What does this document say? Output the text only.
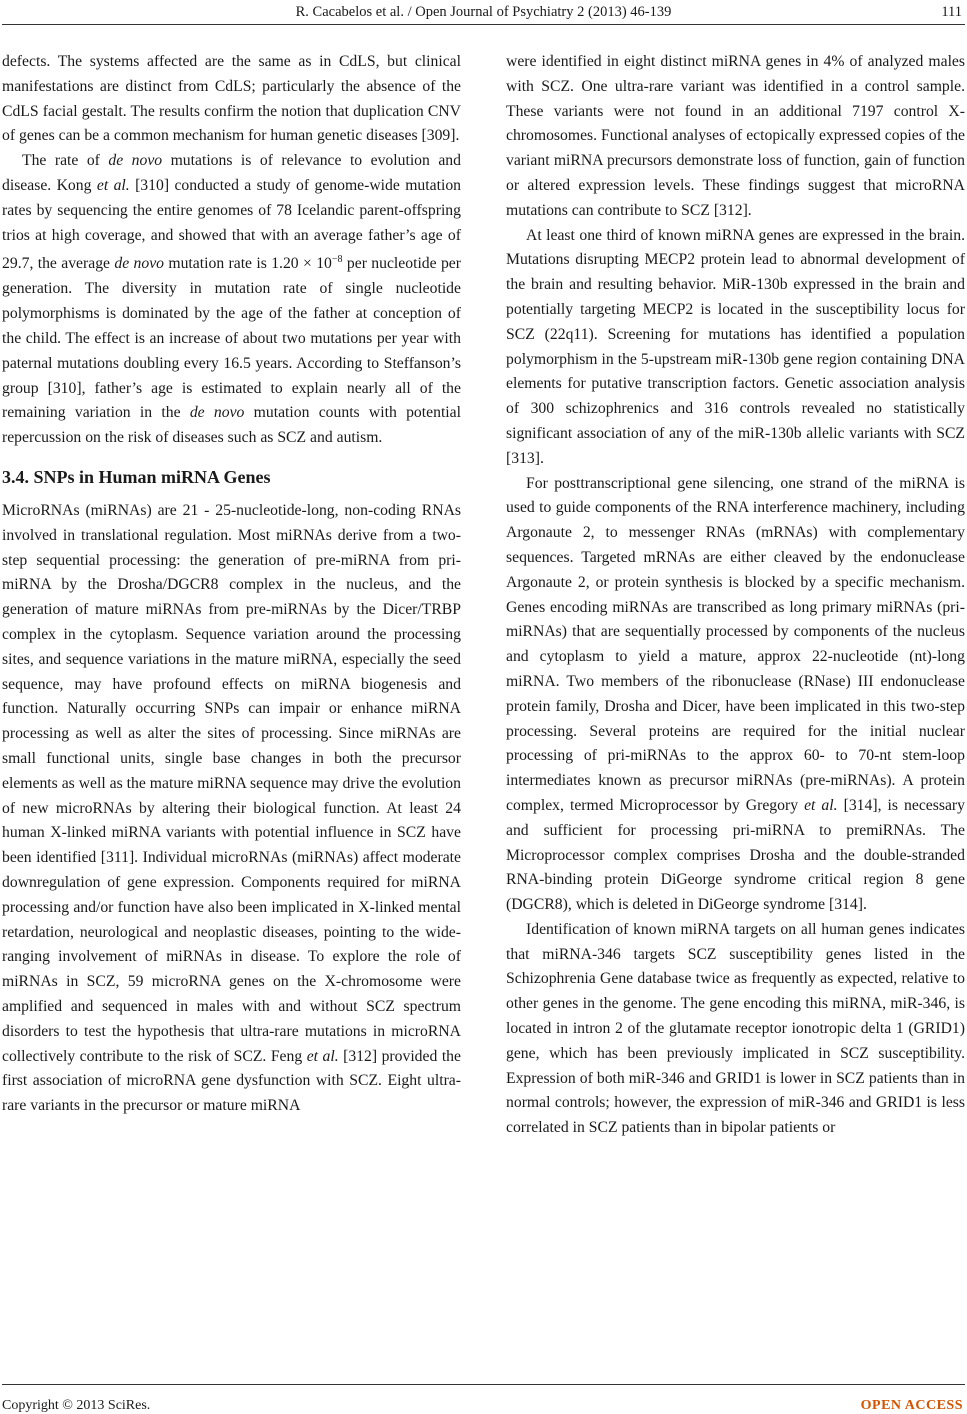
R. Cacabelos et al. / Open Journal of Psychiatry 2 (2013) 46-139	111

defects. The systems affected are the same as in CdLS, but clinical manifestations are distinct from CdLS; particularly the absence of the CdLS facial gestalt. The results confirm the notion that duplication CNV of genes can be a common mechanism for human genetic diseases [309].

The rate of de novo mutations is of relevance to evolution and disease. Kong et al. [310] conducted a study of genome-wide mutation rates by sequencing the entire genomes of 78 Icelandic parent-offspring trios at high coverage, and showed that with an average father’s age of 29.7, the average de novo mutation rate is $1.20 \times 10^{-8}$ per nucleotide per generation. The diversity in mutation rate of single nucleotide polymorphisms is dominated by the age of the father at conception of the child. The effect is an increase of about two mutations per year with paternal mutations doubling every 16.5 years. According to Steffanson’s group [310], father’s age is estimated to explain nearly all of the remaining variation in the de novo mutation counts with potential repercussion on the risk of diseases such as SCZ and autism.

3.4. SNPs in Human miRNA Genes

MicroRNAs (miRNAs) are 21 - 25-nucleotide-long, non-coding RNAs involved in translational regulation. Most miRNAs derive from a two-step sequential processing: the generation of pre-miRNA from pri-miRNA by the Drosha/DGCR8 complex in the nucleus, and the generation of mature miRNAs from pre-miRNAs by the Dicer/TRBP complex in the cytoplasm. Sequence variation around the processing sites, and sequence variations in the mature miRNA, especially the seed sequence, may have profound effects on miRNA biogenesis and function. Naturally occurring SNPs can impair or enhance miRNA processing as well as alter the sites of processing. Since miRNAs are small functional units, single base changes in both the precursor elements as well as the mature miRNA sequence may drive the evolution of new microRNAs by altering their biological function. At least 24 human X-linked miRNA variants with potential influence in SCZ have been identified [311]. Individual microRNAs (miRNAs) affect moderate downregulation of gene expression. Components required for miRNA processing and/or function have also been implicated in X-linked mental retardation, neurological and neoplastic diseases, pointing to the wide-ranging involvement of miRNAs in disease. To explore the role of miRNAs in SCZ, 59 microRNA genes on the X-chromosome were amplified and sequenced in males with and without SCZ spectrum disorders to test the hypothesis that ultra-rare mutations in microRNA collectively contribute to the risk of SCZ. Feng et al. [312] provided the first association of microRNA gene dysfunction with SCZ. Eight ultra-rare variants in the precursor or mature miRNA

were identified in eight distinct miRNA genes in 4% of analyzed males with SCZ. One ultra-rare variant was identified in a control sample. These variants were not found in an additional 7197 control X-chromosomes. Functional analyses of ectopically expressed copies of the variant miRNA precursors demonstrate loss of function, gain of function or altered expression levels. These findings suggest that microRNA mutations can contribute to SCZ [312].

At least one third of known miRNA genes are expressed in the brain. Mutations disrupting MECP2 protein lead to abnormal development of the brain and resulting behavior. MiR-130b expressed in the brain and potentially targeting MECP2 is located in the susceptibility locus for SCZ (22q11). Screening for mutations has identified a population polymorphism in the 5-upstream miR-130b gene region containing DNA elements for putative transcription factors. Genetic association analysis of 300 schizophrenics and 316 controls revealed no statistically significant association of any of the miR-130b allelic variants with SCZ [313].

For posttranscriptional gene silencing, one strand of the miRNA is used to guide components of the RNA interference machinery, including Argonaute 2, to messenger RNAs (mRNAs) with complementary sequences. Targeted mRNAs are either cleaved by the endonuclease Argonaute 2, or protein synthesis is blocked by a specific mechanism. Genes encoding miRNAs are transcribed as long primary miRNAs (pri-miRNAs) that are sequentially processed by components of the nucleus and cytoplasm to yield a mature, approx 22-nucleotide (nt)-long miRNA. Two members of the ribonuclease (RNase) III endonuclease protein family, Drosha and Dicer, have been implicated in this two-step processing. Several proteins are required for the initial nuclear processing of pri-miRNAs to the approx 60- to 70-nt stem-loop intermediates known as precursor miRNAs (pre-miRNAs). A protein complex, termed Microprocessor by Gregory et al. [314], is necessary and sufficient for processing pri-miRNA to premiRNAs. The Microprocessor complex comprises Drosha and the double-stranded RNA-binding protein DiGeorge syndrome critical region 8 gene (DGCR8), which is deleted in DiGeorge syndrome [314].

Identification of known miRNA targets on all human genes indicates that miRNA-346 targets SCZ susceptibility genes listed in the Schizophrenia Gene database twice as frequently as expected, relative to other genes in the genome. The gene encoding this miRNA, miR-346, is located in intron 2 of the glutamate receptor ionotropic delta 1 (GRID1) gene, which has been previously implicated in SCZ susceptibility. Expression of both miR-346 and GRID1 is lower in SCZ patients than in normal controls; however, the expression of miR-346 and GRID1 is less correlated in SCZ patients than in bipolar patients or

Copyright © 2013 SciRes.	OPEN ACCESS
